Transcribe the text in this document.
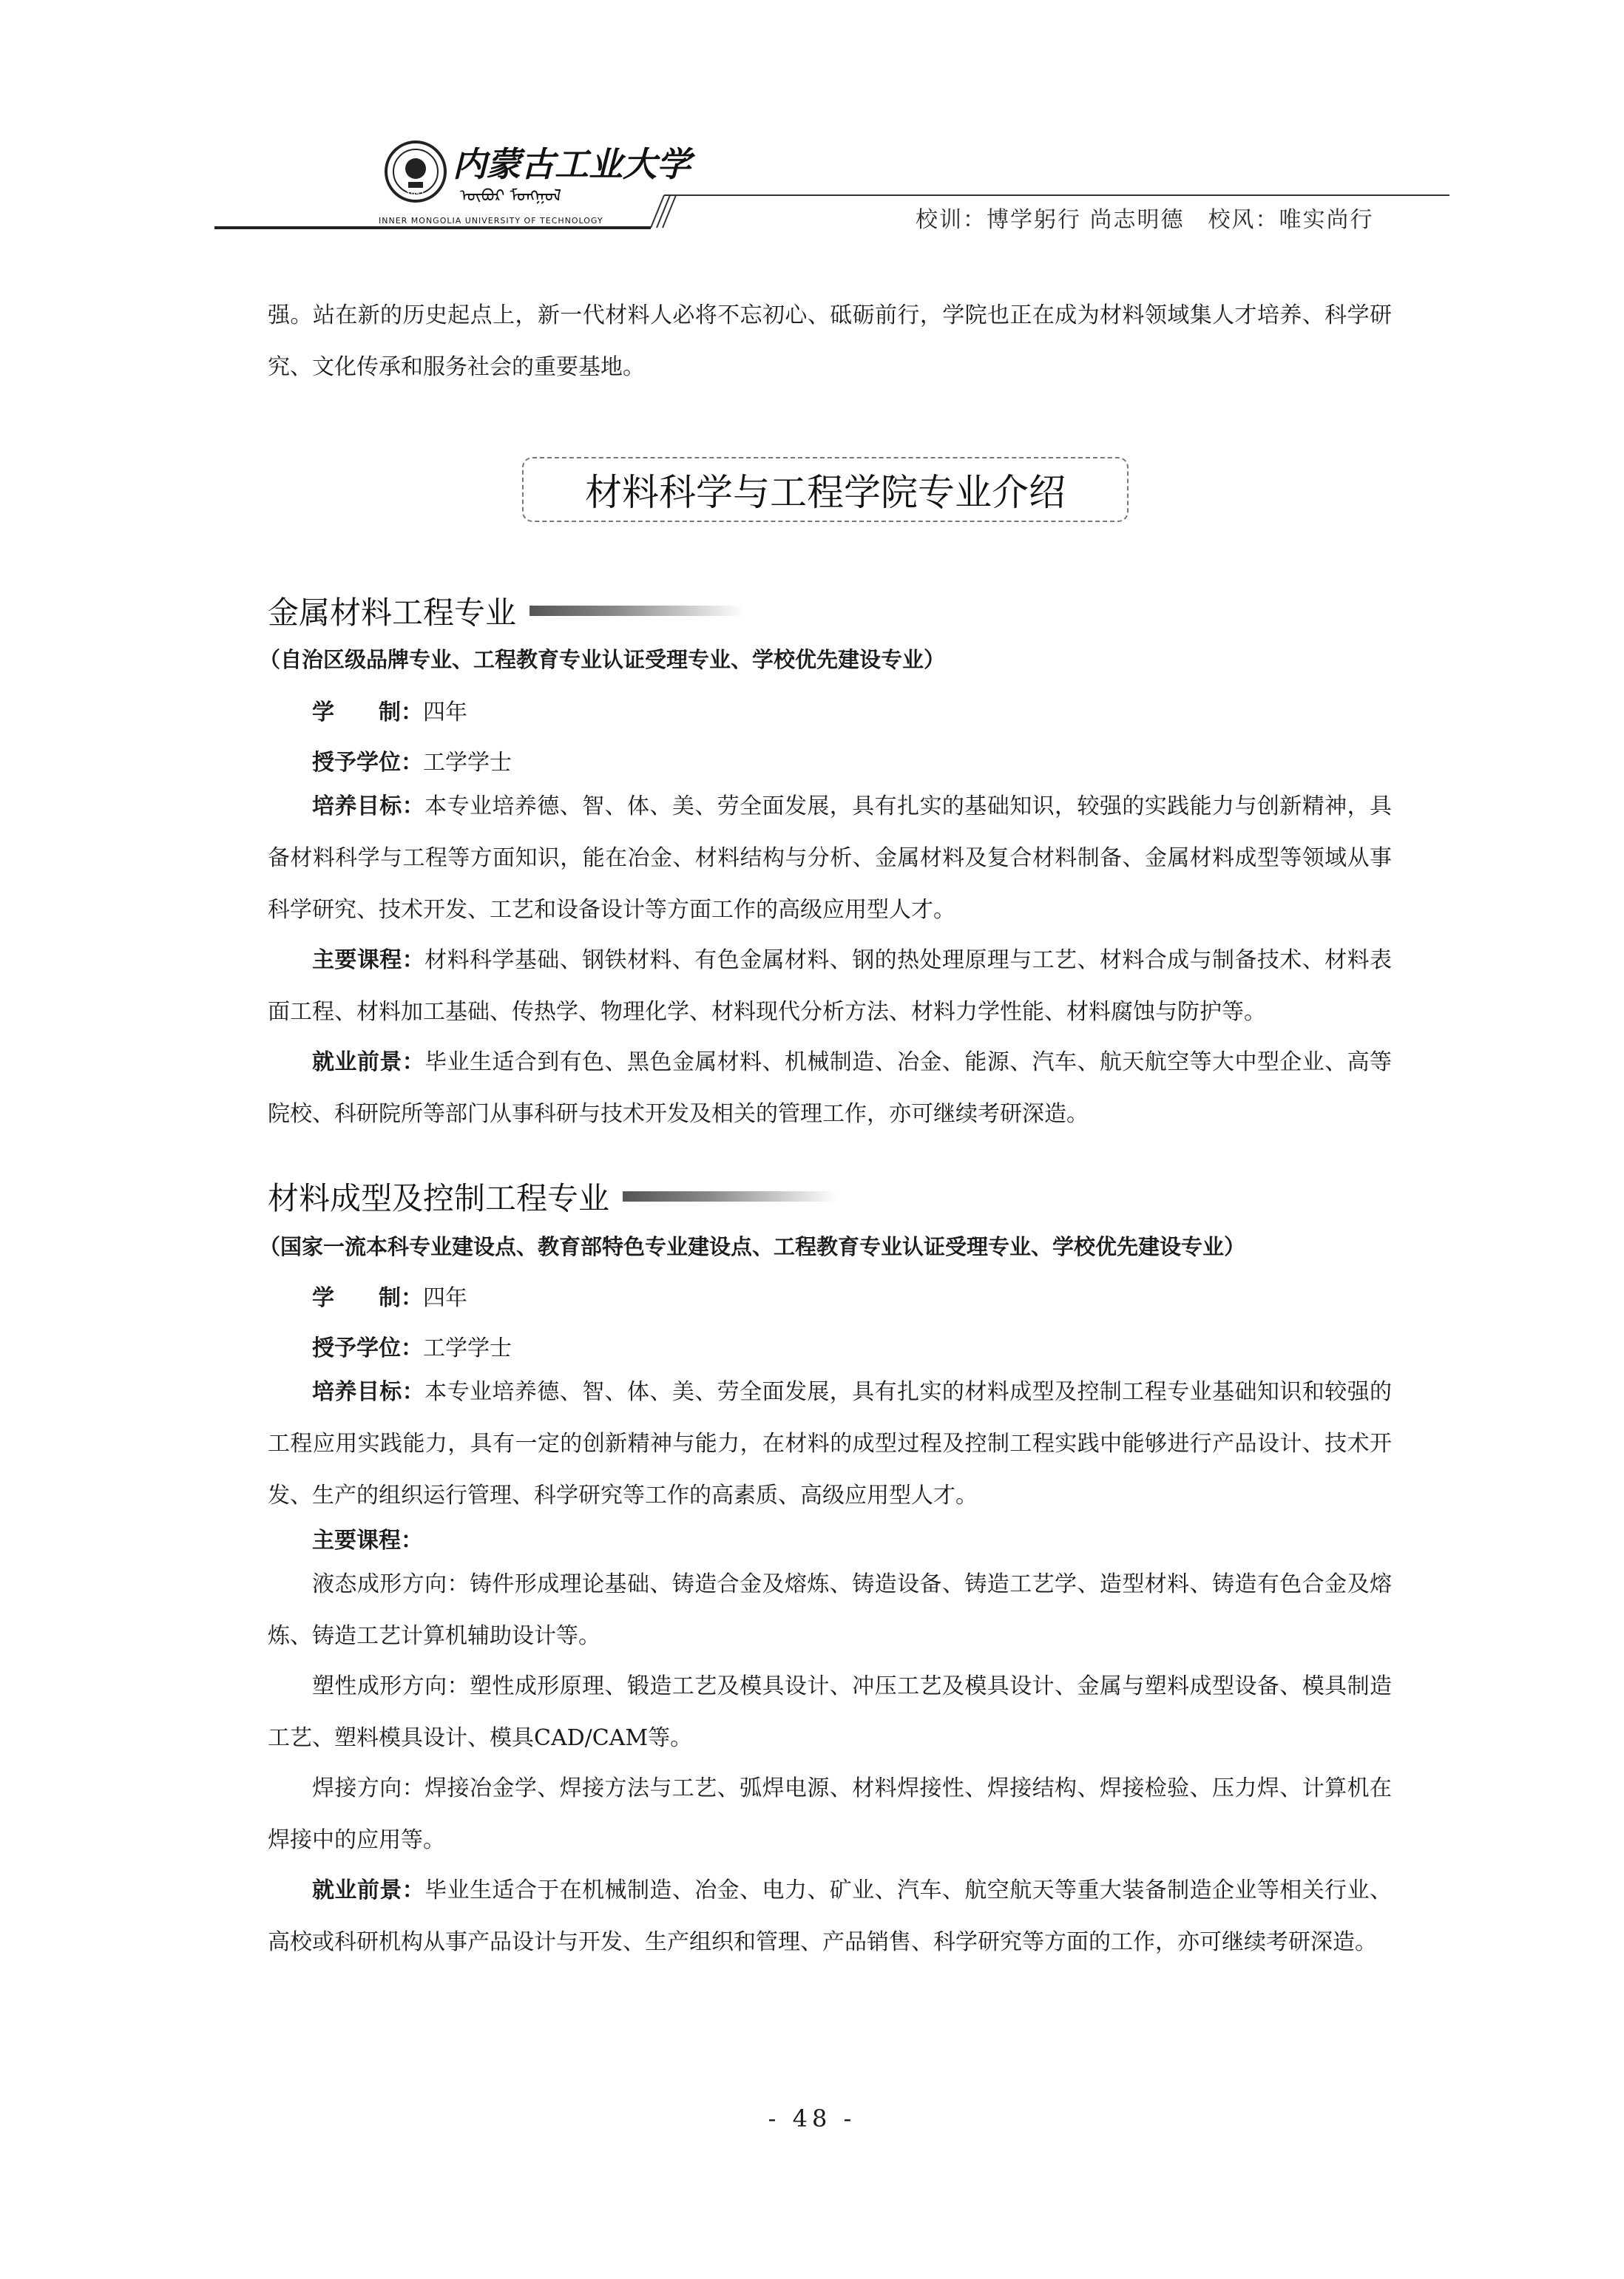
1951
内蒙古工业大学
ᠦᠪᠦᠷ ᠮᠣᠩᠭᠣᠯ
INNER MONGOLIA UNIVERSITY OF TECHNOLOGY	校训：博学躬行 尚志明德　校风：唯实尚行

强。站在新的历史起点上，新一代材料人必将不忘初心、砥砺前行，学院也正在成为材料领域集人才培养、科学研究、文化传承和服务社会的重要基地。

材料科学与工程学院专业介绍
金属材料工程专业
（自治区级品牌专业、工程教育专业认证受理专业、学校优先建设专业）
学　　制：四年
授予学位：工学学士

培养目标：本专业培养德、智、体、美、劳全面发展，具有扎实的基础知识，较强的实践能力与创新精神，具备材料科学与工程等方面知识，能在冶金、材料结构与分析、金属材料及复合材料制备、金属材料成型等领域从事科学研究、技术开发、工艺和设备设计等方面工作的高级应用型人才。

主要课程：材料科学基础、钢铁材料、有色金属材料、钢的热处理原理与工艺、材料合成与制备技术、材料表面工程、材料加工基础、传热学、物理化学、材料现代分析方法、材料力学性能、材料腐蚀与防护等。

就业前景：毕业生适合到有色、黑色金属材料、机械制造、冶金、能源、汽车、航天航空等大中型企业、高等院校、科研院所等部门从事科研与技术开发及相关的管理工作，亦可继续考研深造。

材料成型及控制工程专业
（国家一流本科专业建设点、教育部特色专业建设点、工程教育专业认证受理专业、学校优先建设专业）
学　　制：四年
授予学位：工学学士

培养目标：本专业培养德、智、体、美、劳全面发展，具有扎实的材料成型及控制工程专业基础知识和较强的工程应用实践能力，具有一定的创新精神与能力，在材料的成型过程及控制工程实践中能够进行产品设计、技术开发、生产的组织运行管理、科学研究等工作的高素质、高级应用型人才。

主要课程：

液态成形方向：铸件形成理论基础、铸造合金及熔炼、铸造设备、铸造工艺学、造型材料、铸造有色合金及熔炼、铸造工艺计算机辅助设计等。

塑性成形方向：塑性成形原理、锻造工艺及模具设计、冲压工艺及模具设计、金属与塑料成型设备、模具制造工艺、塑料模具设计、模具CAD/CAM等。

焊接方向：焊接冶金学、焊接方法与工艺、弧焊电源、材料焊接性、焊接结构、焊接检验、压力焊、计算机在焊接中的应用等。

就业前景：毕业生适合于在机械制造、冶金、电力、矿业、汽车、航空航天等重大装备制造企业等相关行业、高校或科研机构从事产品设计与开发、生产组织和管理、产品销售、科学研究等方面的工作，亦可继续考研深造。

- 48 -
